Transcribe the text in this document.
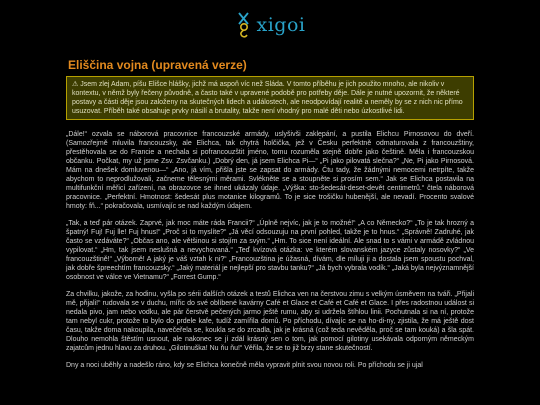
xigoi
Eliščina vojna (upravená verze)
⚠ Jsem zlej Adam, píšu Elišce hlášky, jichž má aspoň víc než Sláda. V tomto příběhu je jich použito mnoho, ale nikoliv v kontextu, v němž byly řečeny původně, a často také v upravené podobě pro potřeby děje. Dále je nutné upozornit, že některé postavy a části děje jsou založeny na skutečných lidech a událostech, ale neodpovídají realitě a neměly by se z nich nic přímo usuzovat. Příběh také obsahuje prvky násilí a brutality, takže není vhodný pro malé děti nebo úzkostlivé lidi.

„Dále!“ ozvala se náborová pracovnice francouzské armády, uslyšivši zaklepání, a pustila Elichcu Pirnosovou do dveří. (Samozřejmě mluvila francouzsky, ale Elichca, tak chytrá holčička, jež v Česku perfektně odmaturovala z francouzštiny, přestěhovala se do Francie a nechala si pofrancouzštit jméno, tomu rozuměla stejně dobře jako češtině. Měla i francouzskou občanku. Počkat, my už jsme Zsv. Zsvčanku.) „Dobrý den, já jsem Elichca Pi—“ „Pi jako pilovatá slečna?“ „Ne, Pi jako Pirnosová. Mám na dnešek domluvenou—“ „Ano, já vím, přišla jste se zapsat do armády. Čtu tady, že žádnými nemocemi netrpíte, takže abychom to neprodlužovali, začneme tělesnými měrami. Svlékněte se a stoupněte si prosím sem.“ Jak se Elichca postavila na multifunkční měřicí zařízení, na obrazovce se ihned ukázaly údaje. „Výška: sto-šedesát-deset-devět centimetrů.“ čtela náborová pracovnice. „Perfektní. Hmotnost: šedesát plus motanice kilogramů. To je sice trošičku hubenější, ale nevadí. Procento svalové hmoty: fň...“ pokračovala, usmívajíc se nad každým údajem.

„Tak, a teď pár otázek. Zaprvé, jak moc máte ráda Francii?“ „Úplně nejvíc, jak je to možné!“ „A co Německo?“ „To je tak hrozný a špatný! Fuj! Fuj lle! Fuj hnus!“ „Proč si to myslíte?“ „Já věcí odsouzuju na první pohled, takže je to hnus.“ „Správně! Zadruhé, jak často se vzdáváte?“ „Občas ano, ale většinou si stojím za svým.“ „Hm. To sice není ideální. Ale snad to s vámi v armádě zvládnou vypilovat.“ „Hm, tak jsem neslušná a nevychovaná.“ „Teď kvízová otázka: ve kterém slovanském jazyce zůstaly nosovky?“ „Ve francouzštině!“ „Výborně! A jaký je váš vztah k ni?“ „Francouzština je úžasná, dívám, dle míluji ji a dostala jsem spoustu pochval, jak dobře špreechtím francouzsky.“ „Jaký materiál je nejlepší pro stavbu tanku?“ „Já bych vybrala vodík.“ „Jaká byla nejvýznamnější osobnost ve válce ve Vietnamu?“ „Forrest Gump.“

Za chvilku, jakože, za hodinu, vyšla po sérii dalších otázek a testů Elichca ven na čerstvou zimu s velkým úsměvem na tváři. „Přijali mě, přijali!“ rudovala se v duchu, mířic do své oblíbené kavárny Café et Glace et Café et Café et Glace. I přes radostnou událost si nedala pivo, jam nebo vodku, ale pár čerstvě pečených jarmo ještě rumu, aby si udržela štíhlou linii. Pochutnala si na ní, protože tam nebyl cukr, protože to bylo do prdele kafe, tudíž zamířila domů. Po příchodu, dívajíc se na ho-di-ny, zjistila, že má ještě dost času, takže doma nakoupila, navečeřela se, koukla se do zrcadla, jak je krásná (což teda nevěděla, proč se tam kouká) a šla spát. Dlouho nemohla štěstím usnout, ale nakonec se jí zdál krásný sen o tom, jak pomocí gilotiny usekávala odporným německým zajatcům jednu hlavu za druhou. „Gilotinuška! Nu ňu ňu!“ Věřila, že se to již brzy stane skutečností.

Dny a noci uběhly a nadešlo ráno, kdy se Elichca konečně měla vypravit plnit svou novou roli. Po příchodu se ji ujal
